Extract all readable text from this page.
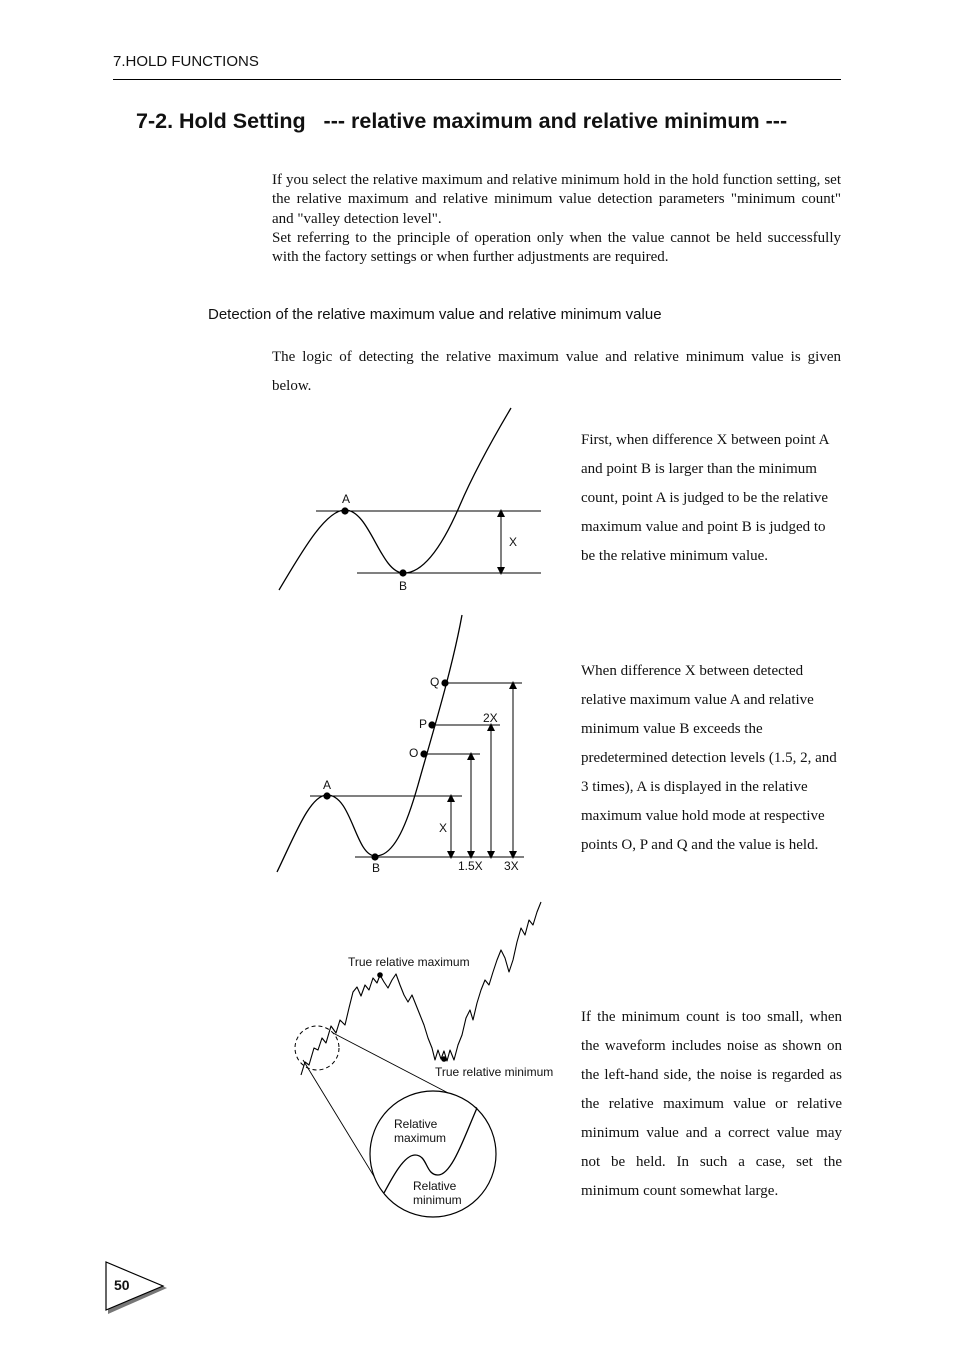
7.HOLD FUNCTIONS
7-2. Hold Setting   --- relative maximum and relative minimum ---

If you select the relative maximum and relative minimum hold in the hold function setting, set the relative maximum and relative minimum value detection parameters "minimum count" and "valley detection level".

Set referring to the principle of operation only when the value cannot be held successfully with the factory settings or when further adjustments are required.

Detection of the relative maximum value and relative minimum value
The logic of detecting the relative maximum value and relative minimum value is given below.
First, when difference X between point A and point B is larger than the minimum count, point A is judged to be the relative maximum value and point B is judged to be the relative minimum value.
When difference X between detected relative maximum value A and relative minimum value B exceeds the predetermined detection levels (1.5, 2, and 3 times), A is displayed in the relative maximum value hold mode at respective points O, P and Q and the value is held.
If the minimum count is too small, when the waveform includes noise as shown on the left-hand side, the noise is regarded as the relative maximum value or relative minimum value and a correct value may not be held. In such a case, set the minimum count somewhat large.
A
B
X
Q
P	2X
O
A
X
B	1.5X 3X
True relative maximum
True relative minimum
Relative
maximum
Relative
minimum
50
